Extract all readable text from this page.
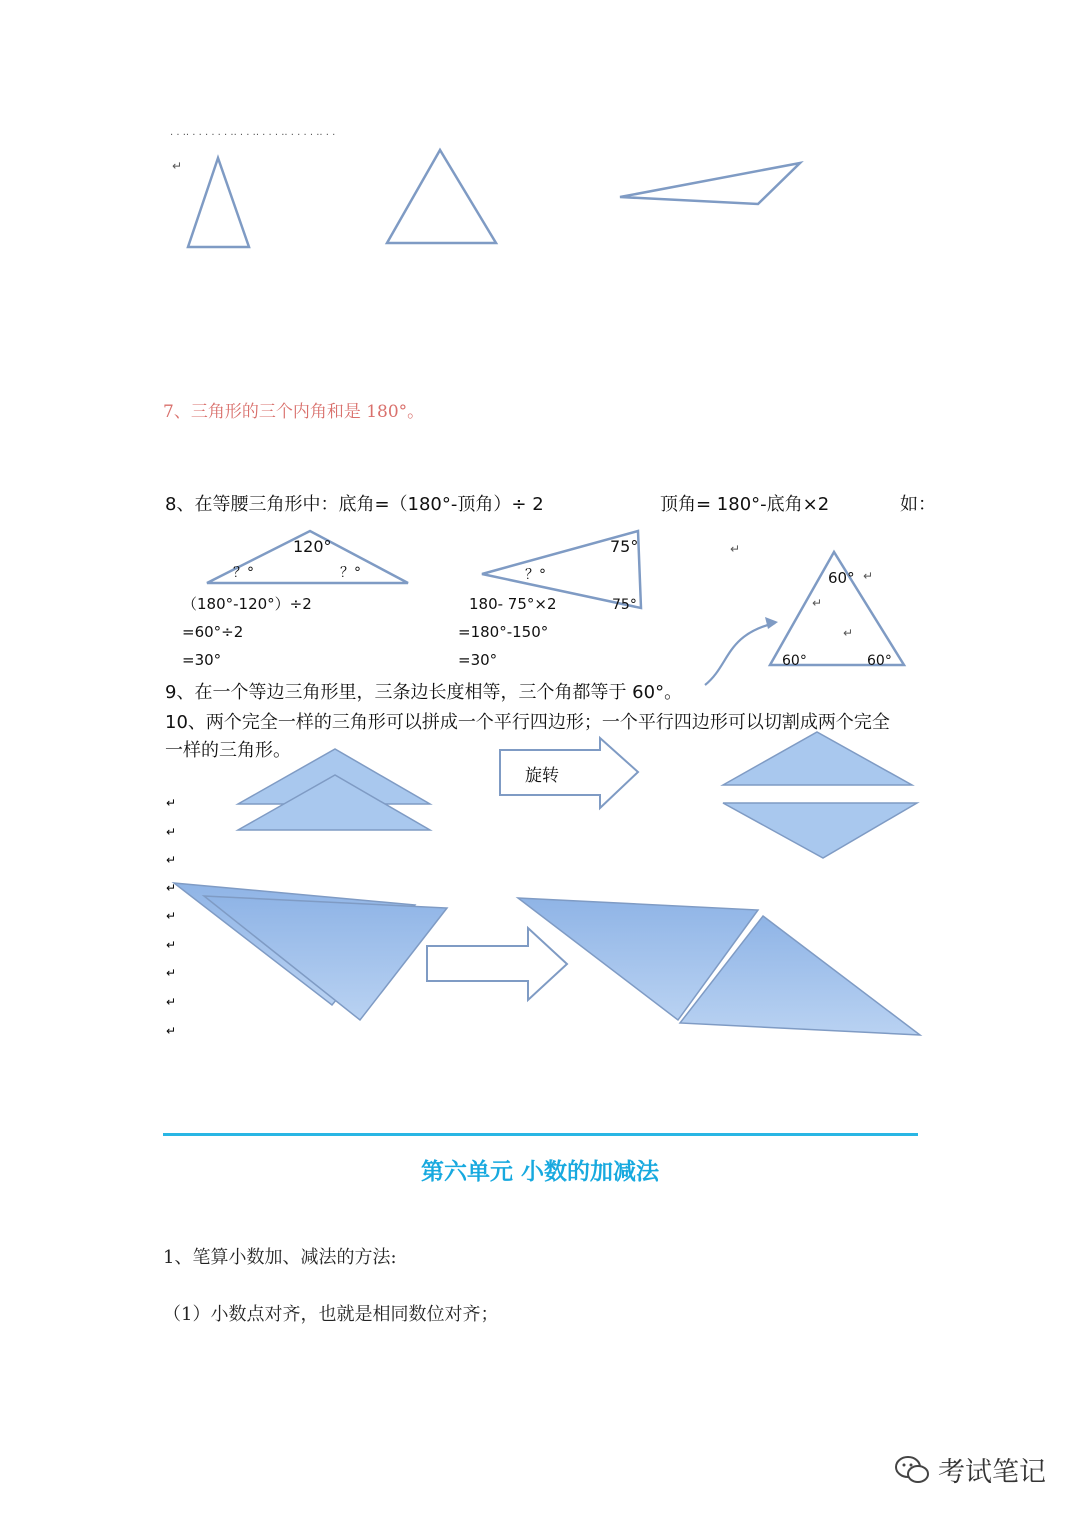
· · ·· · · · · · · ·· · · ·· · · · ·· · · · · ·· · ·
↵
7、三角形的三个内角和是 180°。
8、在等腰三角形中：底角=（180°-顶角）÷ 2	顶角= 180°-底角×2	如：
120°
？°	？°
（180°-120°）÷2
=60°÷2
=30°
75°
75°
？°
180- 75°×2
=180°-150°
=30°
↵
60°
60°	60°
↵
↵
↵
9、在一个等边三角形里，三条边长度相等，三个角都等于 60°。
10、两个完全一样的三角形可以拼成一个平行四边形；一个平行四边形可以切割成两个完全
一样的三角形。
旋转
↵
↵
↵
↵
↵
↵
↵
↵
↵
第六单元 小数的加减法
1、笔算小数加、减法的方法:
（1）小数点对齐，也就是相同数位对齐；
考试笔记
